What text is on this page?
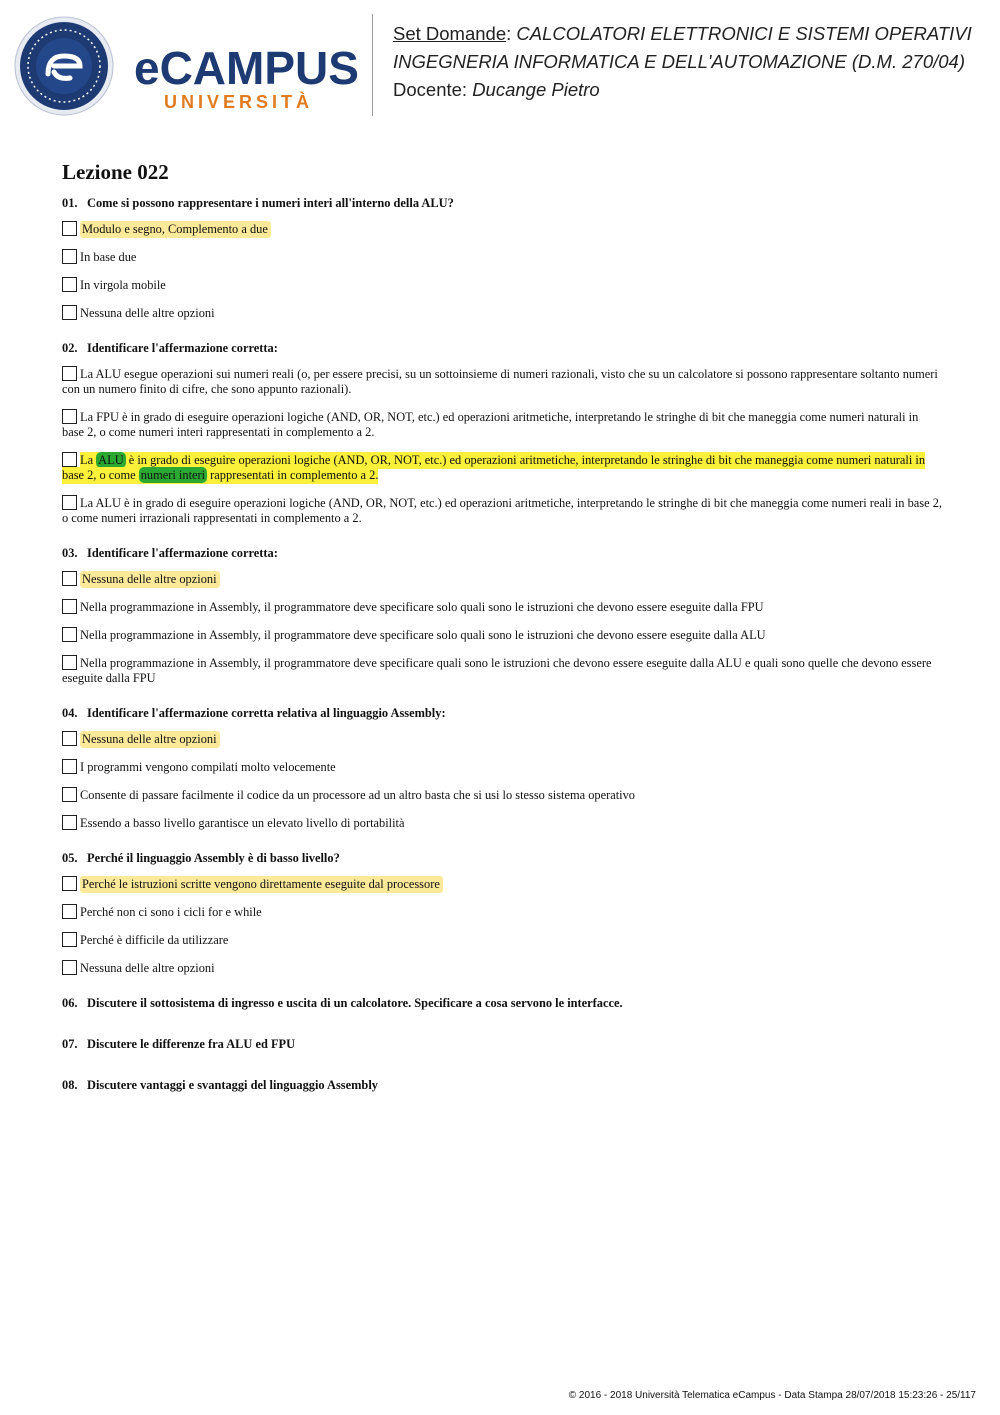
eCAMPUS
UNIVERSITÀ
Set Domande: CALCOLATORI ELETTRONICI E SISTEMI OPERATIVI
INGEGNERIA INFORMATICA E DELL'AUTOMAZIONE (D.M. 270/04)
Docente: Ducange Pietro
Lezione 022
01. Come si possono rappresentare i numeri interi all'interno della ALU?
Modulo e segno, Complemento a due
In base due
In virgola mobile
Nessuna delle altre opzioni
02. Identificare l'affermazione corretta:
La ALU esegue operazioni sui numeri reali (o, per essere precisi, su un sottoinsieme di numeri razionali, visto che su un calcolatore si possono rappresentare soltanto numeri con un numero finito di cifre, che sono appunto razionali).
La FPU è in grado di eseguire operazioni logiche (AND, OR, NOT, etc.) ed operazioni aritmetiche, interpretando le stringhe di bit che maneggia come numeri naturali in base 2, o come numeri interi rappresentati in complemento a 2.
La ALU è in grado di eseguire operazioni logiche (AND, OR, NOT, etc.) ed operazioni aritmetiche, interpretando le stringhe di bit che maneggia come numeri naturali in base 2, o come numeri interi rappresentati in complemento a 2.
La ALU è in grado di eseguire operazioni logiche (AND, OR, NOT, etc.) ed operazioni aritmetiche, interpretando le stringhe di bit che maneggia come numeri reali in base 2, o come numeri irrazionali rappresentati in complemento a 2.
03. Identificare l'affermazione corretta:
Nessuna delle altre opzioni
Nella programmazione in Assembly, il programmatore deve specificare solo quali sono le istruzioni che devono essere eseguite dalla FPU
Nella programmazione in Assembly, il programmatore deve specificare solo quali sono le istruzioni che devono essere eseguite dalla ALU
Nella programmazione in Assembly, il programmatore deve specificare quali sono le istruzioni che devono essere eseguite dalla ALU e quali sono quelle che devono essere eseguite dalla FPU
04. Identificare l'affermazione corretta relativa al linguaggio Assembly:
Nessuna delle altre opzioni
I programmi vengono compilati molto velocemente
Consente di passare facilmente il codice da un processore ad un altro basta che si usi lo stesso sistema operativo
Essendo a basso livello garantisce un elevato livello di portabilità
05. Perché il linguaggio Assembly è di basso livello?
Perché le istruzioni scritte vengono direttamente eseguite dal processore
Perché non ci sono i cicli for e while
Perché è difficile da utilizzare
Nessuna delle altre opzioni
06. Discutere il sottosistema di ingresso e uscita di un calcolatore. Specificare a cosa servono le interfacce.
07. Discutere le differenze fra ALU ed FPU
08. Discutere vantaggi e svantaggi del linguaggio Assembly
© 2016 - 2018 Università Telematica eCampus - Data Stampa 28/07/2018 15:23:26 - 25/117
